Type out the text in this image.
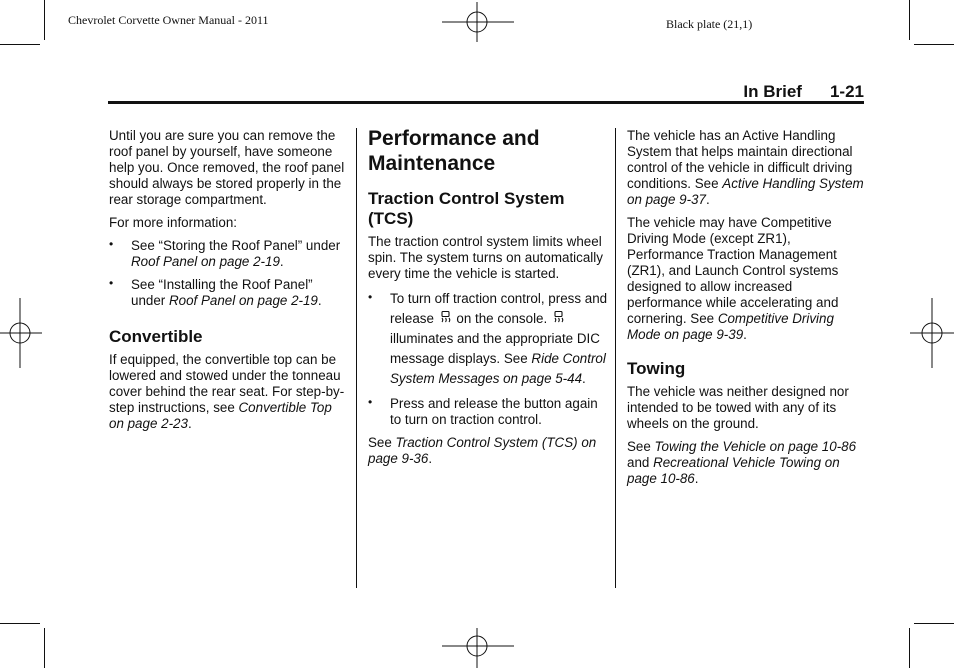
Chevrolet Corvette Owner Manual - 2011	Black plate (21,1)
In Brief 1-21

Until you are sure you can remove the roof panel by yourself, have someone help you. Once removed, the roof panel should always be stored properly in the rear storage compartment.

For more information:

• See “Storing the Roof Panel” under Roof Panel on page 2-19.
• See “Installing the Roof Panel” under Roof Panel on page 2-19.
Convertible

If equipped, the convertible top can be lowered and stowed under the tonneau cover behind the rear seat. For step-by-step instructions, see Convertible Top on page 2-23.

Performance and Maintenance
Traction Control System (TCS)

The traction control system limits wheel spin. The system turns on automatically every time the vehicle is started.

• To turn off traction control, press and release on the console.  illuminates and the appropriate DIC message displays. See Ride Control System Messages on page 5-44.
• Press and release the button again to turn on traction control.

See Traction Control System (TCS) on page 9-36.

The vehicle has an Active Handling System that helps maintain directional control of the vehicle in difficult driving conditions. See Active Handling System on page 9-37.

The vehicle may have Competitive Driving Mode (except ZR1), Performance Traction Management (ZR1), and Launch Control systems designed to allow increased performance while accelerating and cornering. See Competitive Driving Mode on page 9-39.

Towing

The vehicle was neither designed nor intended to be towed with any of its wheels on the ground.

See Towing the Vehicle on page 10-86 and Recreational Vehicle Towing on page 10-86.
